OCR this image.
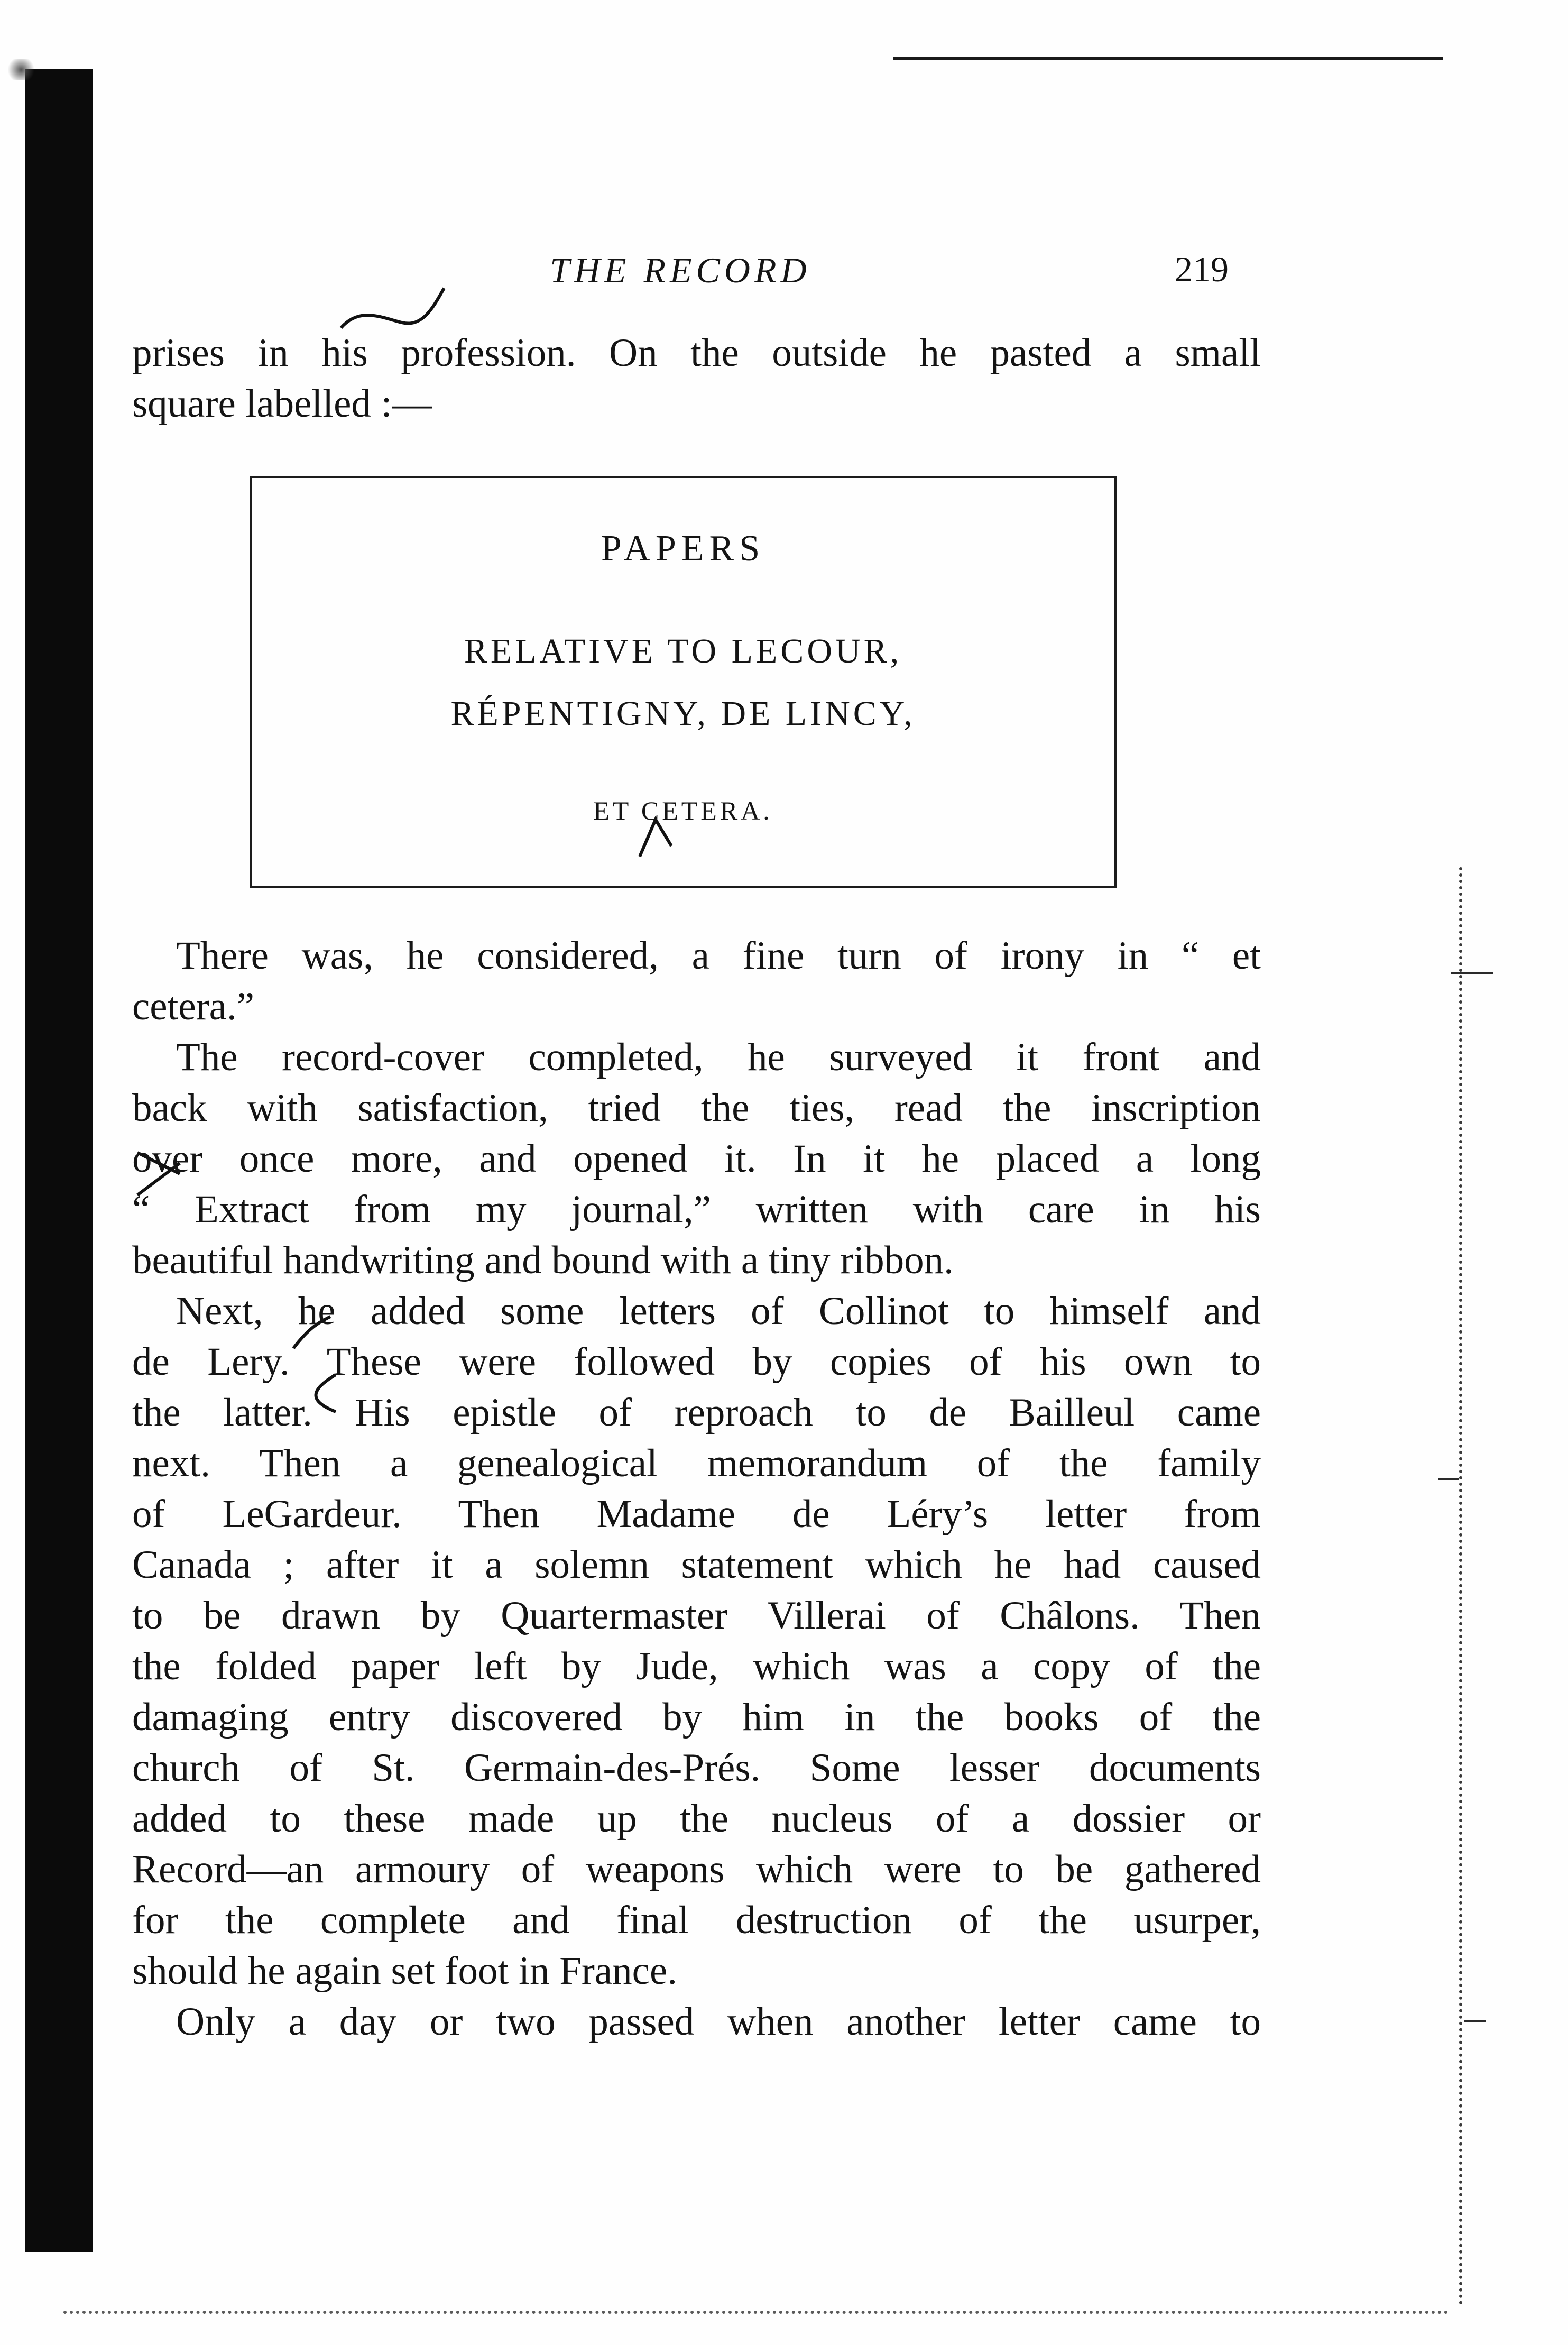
THE RECORD	219
prises in his profession. On the outside he pasted a small
square labelled :—
PAPERS
RELATIVE TO LECOUR,
RÉPENTIGNY, DE LINCY,
ET CETERA.
There was, he considered, a fine turn of irony in “ et
cetera.”
The record-cover completed, he surveyed it front and
back with satisfaction, tried the ties, read the inscription
over once more, and opened it. In it he placed a long
“ Extract from my journal,” written with care in his
beautiful handwriting and bound with a tiny ribbon.
Next, he added some letters of Collinot to himself and
de Lery. These were followed by copies of his own to
the latter. His epistle of reproach to de Bailleul came
next. Then a genealogical memorandum of the family
of LeGardeur. Then Madame de Léry’s letter from
Canada ; after it a solemn statement which he had caused
to be drawn by Quartermaster Villerai of Châlons. Then
the folded paper left by Jude, which was a copy of the
damaging entry discovered by him in the books of the
church of St. Germain-des-Prés. Some lesser documents
added to these made up the nucleus of a dossier or
Record—an armoury of weapons which were to be gathered
for the complete and final destruction of the usurper,
should he again set foot in France.
Only a day or two passed when another letter came to
